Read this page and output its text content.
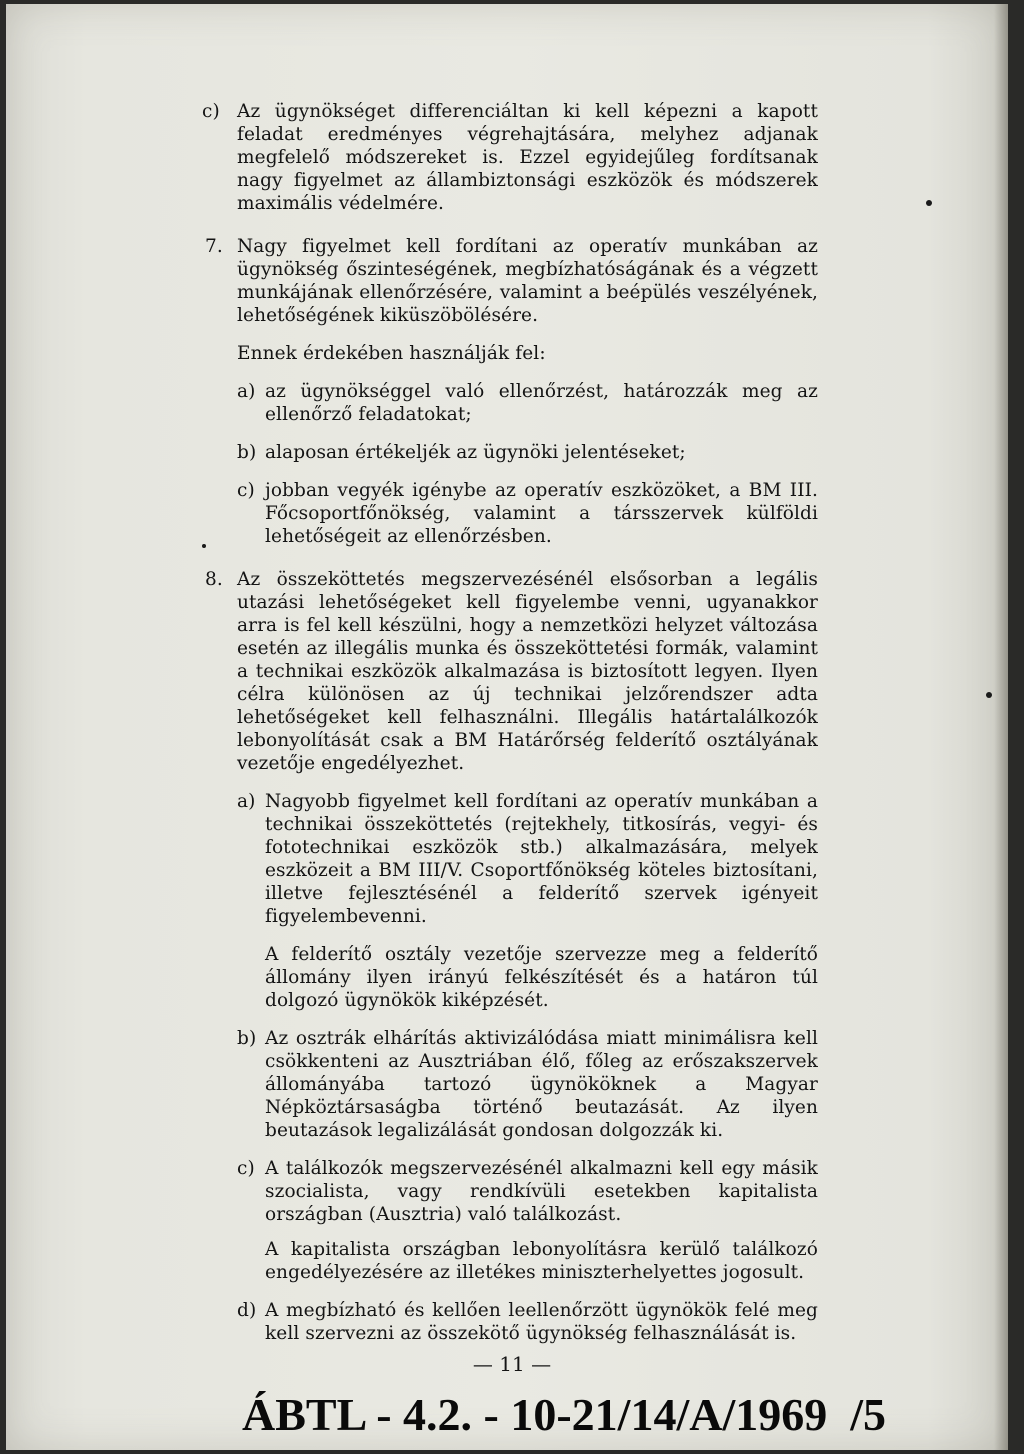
c) Az ügynökséget differenciáltan ki kell képezni a kapott feladat eredményes végrehajtására, melyhez adjanak megfelelő módszereket is. Ezzel egyidejűleg fordítsanak nagy figyelmet az állambiztonsági eszközök és módszerek maximális védelmére.

7. Nagy figyelmet kell fordítani az operatív munkában az ügynökség őszinteségének, megbízhatóságának és a végzett munkájának ellenőrzésére, valamint a beépülés veszélyének, lehetőségének kiküszöbölésére.

Ennek érdekében használják fel:

a) az ügynökséggel való ellenőrzést, határozzák meg az ellenőrző feladatokat;

b) alaposan értékeljék az ügynöki jelentéseket;

c) jobban vegyék igénybe az operatív eszközöket, a BM III. Főcsoportfőnökség, valamint a társszervek külföldi lehetőségeit az ellenőrzésben.

8. Az összeköttetés megszervezésénél elsősorban a legális utazási lehetőségeket kell figyelembe venni, ugyanakkor arra is fel kell készülni, hogy a nemzetközi helyzet változása esetén az illegális munka és összeköttetési formák, valamint a technikai eszközök alkalmazása is biztosított legyen. Ilyen célra különösen az új technikai jelzőrendszer adta lehetőségeket kell felhasználni. Illegális határtalálkozók lebonyolítását csak a BM Határőrség felderítő osztályának vezetője engedélyezhet.

a) Nagyobb figyelmet kell fordítani az operatív munkában a technikai összeköttetés (rejtekhely, titkosírás, vegyi- és fototechnikai eszközök stb.) alkalmazására, melyek eszközeit a BM III/V. Csoportfőnökség köteles biztosítani, illetve fejlesztésénél a felderítő szervek igényeit figyelembevenni.

A felderítő osztály vezetője szervezze meg a felderítő állomány ilyen irányú felkészítését és a határon túl dolgozó ügynökök kiképzését.

b) Az osztrák elhárítás aktivizálódása miatt minimálisra kell csökkenteni az Ausztriában élő, főleg az erőszakszervek állományába tartozó ügynököknek a Magyar Népköztársaságba történő beutazását. Az ilyen beutazások legalizálását gondosan dolgozzák ki.

c) A találkozók megszervezésénél alkalmazni kell egy másik szocialista, vagy rendkívüli esetekben kapitalista országban (Ausztria) való találkozást.

A kapitalista országban lebonyolításra kerülő találkozó engedélyezésére az illetékes miniszterhelyettes jogosult.

d) A megbízható és kellően leellenőrzött ügynökök felé meg kell szervezni az összekötő ügynökség felhasználását is.

— 11 —
ÁBTL - 4.2. - 10-21/14/A/1969  /5
